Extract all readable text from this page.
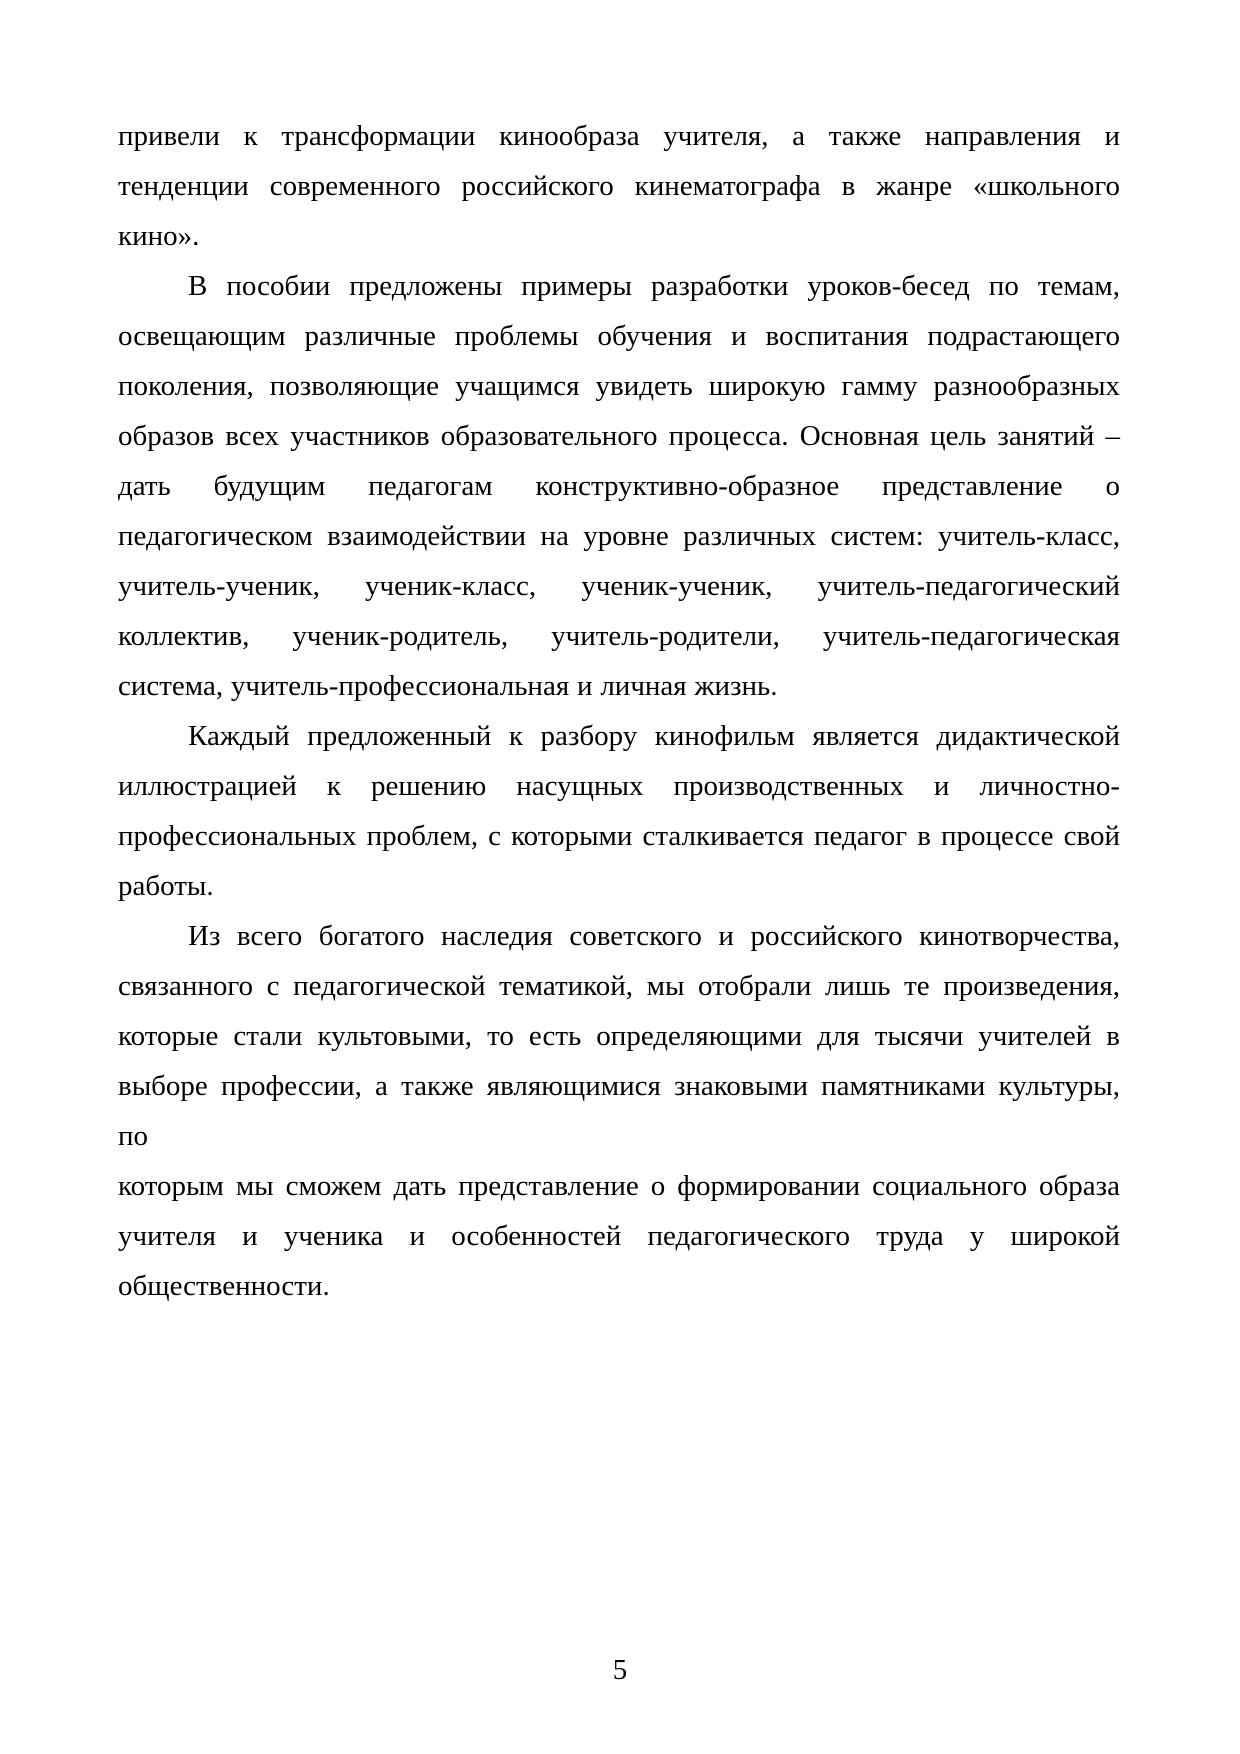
привели к трансформации кинообраза учителя, а также направления и
тенденции современного российского кинематографа в жанре «школьного
кино».
В пособии предложены примеры разработки уроков-бесед по темам,
освещающим различные проблемы обучения и воспитания подрастающего
поколения, позволяющие учащимся увидеть широкую гамму разнообразных
образов всех участников образовательного процесса. Основная цель занятий –
дать будущим педагогам конструктивно-образное представление о
педагогическом взаимодействии на уровне различных систем: учитель-класс,
учитель-ученик, ученик-класс, ученик-ученик, учитель-педагогический
коллектив, ученик-родитель, учитель-родители, учитель-педагогическая
система, учитель-профессиональная и личная жизнь.
Каждый предложенный к разбору кинофильм является дидактической
иллюстрацией к решению насущных производственных и личностно-
профессиональных проблем, с которыми сталкивается педагог в процессе свой
работы.
Из всего богатого наследия советского и российского кинотворчества,
связанного с педагогической тематикой, мы отобрали лишь те произведения,
которые стали культовыми, то есть определяющими для тысячи учителей в
выборе профессии, а также являющимися знаковыми памятниками культуры, по
которым мы сможем дать представление о формировании социального образа
учителя и ученика и особенностей педагогического труда у широкой
общественности.
5
